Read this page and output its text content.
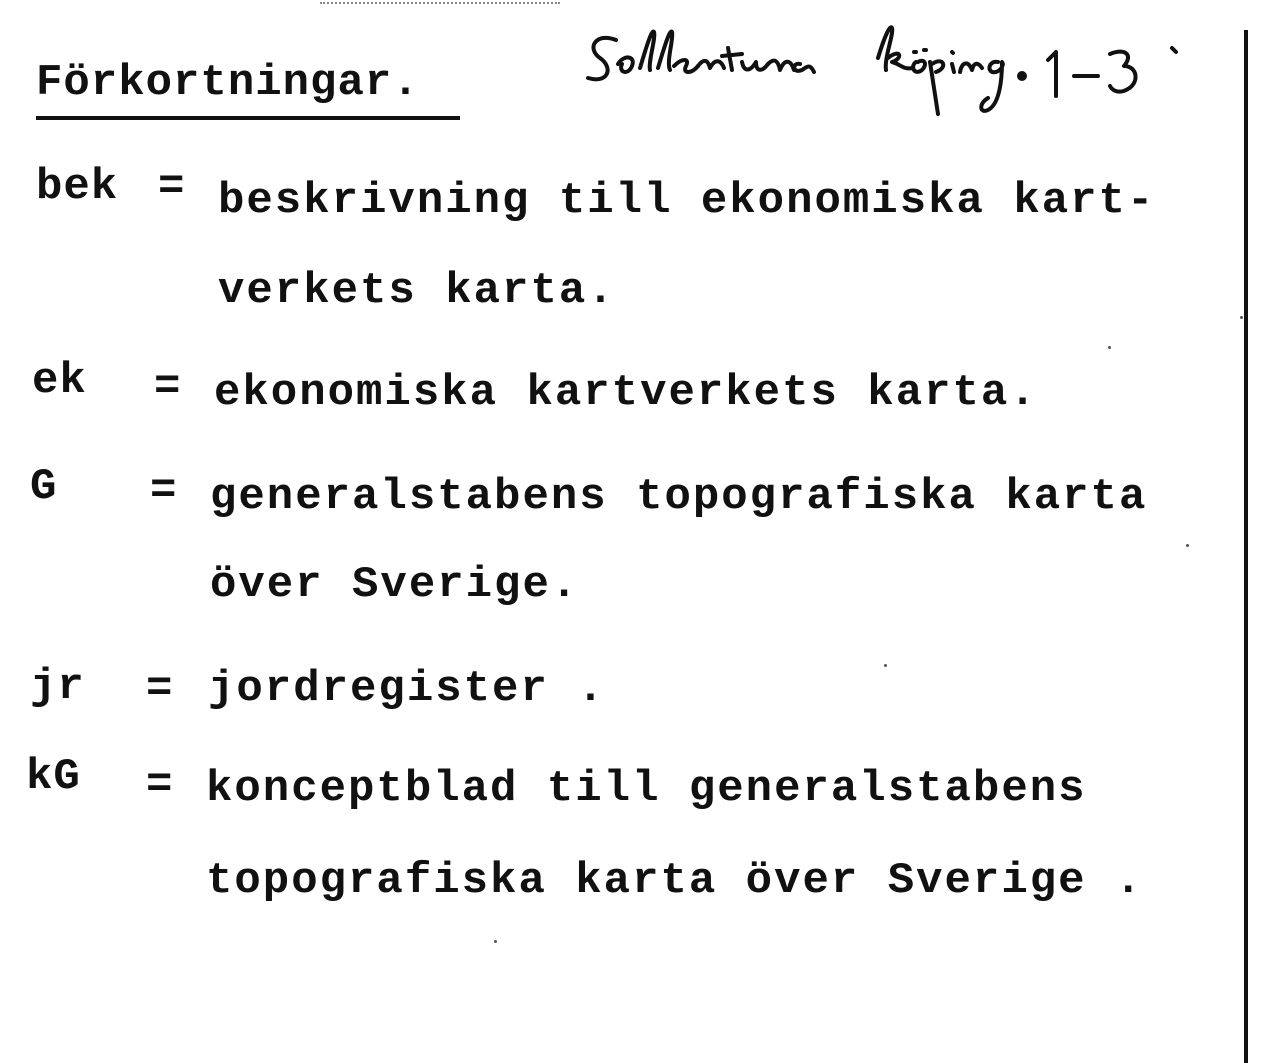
Förkortningar.
bek = beskrivning till ekonomiska kart-
verkets karta.
ek = ekonomiska kartverkets karta.
G = generalstabens topografiska karta
över Sverige.
jr = jordregister .
kG = konceptblad till generalstabens
topografiska karta över Sverige .
